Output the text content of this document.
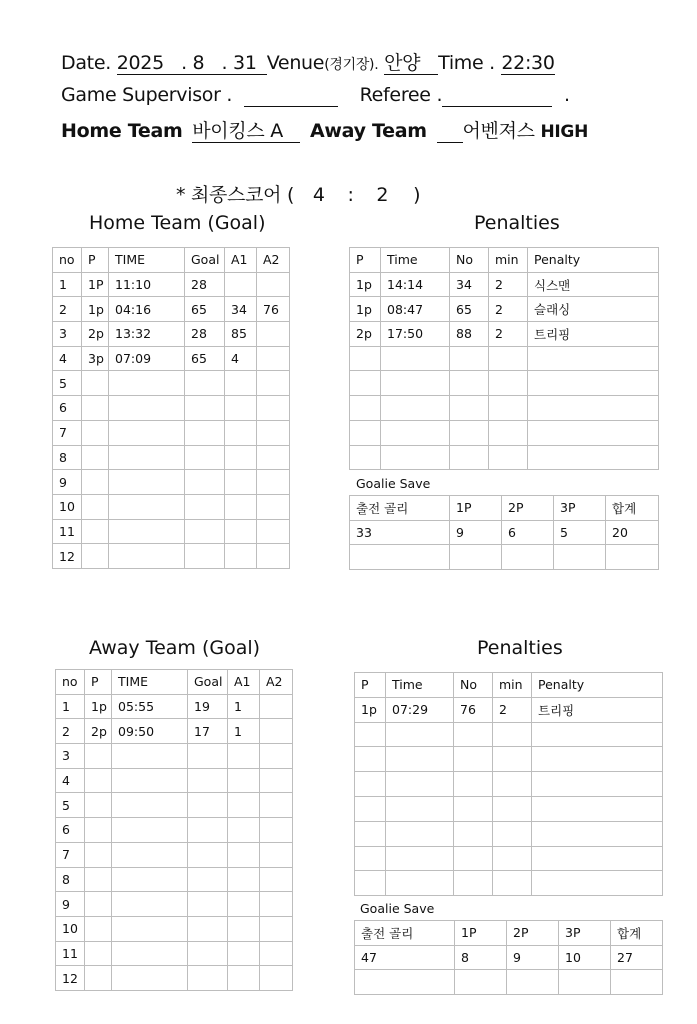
Date. 2025   . 8   . 31 Venue(경기장). 안양 Time . 22:30
Game Supervisor .	Referee .	.
Home Team 바이킹스 A Away Team 어벤져스 HIGH
* 최종스코어 ( 4 : 2 )
Home Team (Goal)	Penalties
Away Team (Goal)	Penalties
Goalie Save
Goalie Save
no	P	TIME	Goal	A1	A2
1	1P	11:10	28		
2	1p	04:16	65	34	76
3	2p	13:32	28	85	
4	3p	07:09	65	4	
5					
6					
7					
8					
9					
10					
11					
12					
P	Time	No	min	Penalty
1p	14:14	34	2	식스맨
1p	08:47	65	2	슬래싱
2p	17:50	88	2	트리핑

출전 골리	1P	2P	3P	합계
33	9	6	5	20

no	P	TIME	Goal	A1	A2
1	1p	05:55	19	1	
2	2p	09:50	17	1	
3					
4					
5					
6					
7					
8					
9					
10					
11					
12					
P	Time	No	min	Penalty
1p	07:29	76	2	트리핑

출전 골리	1P	2P	3P	합계
47	8	9	10	27
